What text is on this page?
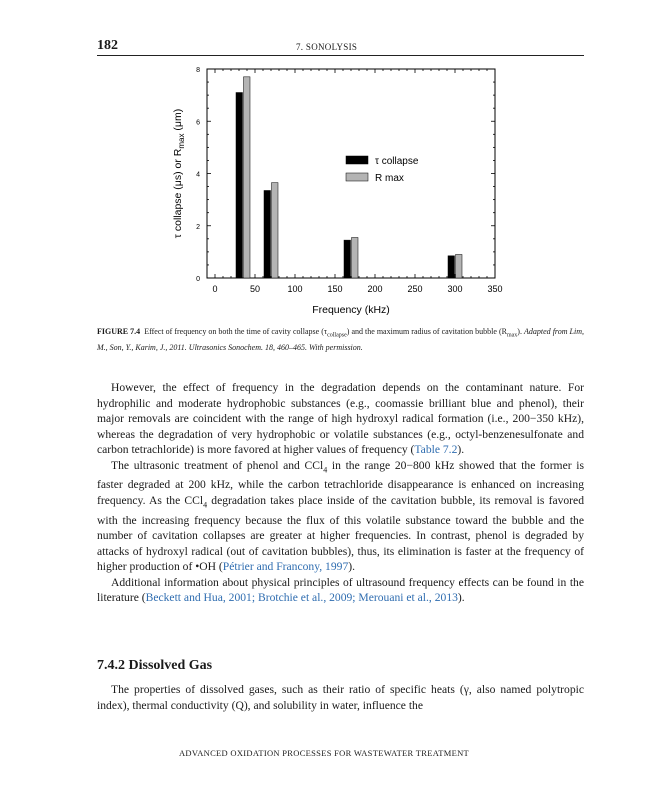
182	7. SONOLYSIS
0	50	100	150	200	250	300	350
0
2
4
6
8
τ collapse
R max
Frequency (kHz)
τ collapse (μs) or $R_{max}$ (μm)
FIGURE 7.4 Effect of frequency on both the time of cavity collapse $(\tau_{collapse})$ and the maximum radius of cavitation bubble $(R_{max})$. Adapted from Lim, M., Son, Y., Karim, J., 2011. Ultrasonics Sonochem. 18, 460–465. With permission.

However, the effect of frequency in the degradation depends on the contaminant nature. For hydrophilic and moderate hydrophobic substances (e.g., coomassie brilliant blue and phenol), their major removals are coincident with the range of high hydroxyl radical formation (i.e., 200−350 kHz), whereas the degradation of very hydrophobic or volatile substances (e.g., octyl-benzenesulfonate and carbon tetrachloride) is more favored at higher values of frequency (Table 7.2).

The ultrasonic treatment of phenol and CCl$_4$ in the range 20−800 kHz showed that the former is faster degraded at 200 kHz, while the carbon tetrachloride disappearance is enhanced on increasing frequency. As the CCl$_4$ degradation takes place inside of the cavitation bubble, its removal is favored with the increasing frequency because the flux of this volatile substance toward the bubble and the number of cavitation collapses are greater at higher frequencies. In contrast, phenol is degraded by attacks of hydroxyl radical (out of cavitation bubbles), thus, its elimination is faster at the frequency of higher production of •OH (Pétrier and Francony, 1997).

Additional information about physical principles of ultrasound frequency effects can be found in the literature (Beckett and Hua, 2001; Brotchie et al., 2009; Merouani et al., 2013).

7.4.2 Dissolved Gas

The properties of dissolved gases, such as their ratio of specific heats (γ, also named polytropic index), thermal conductivity (Q), and solubility in water, influence the

ADVANCED OXIDATION PROCESSES FOR WASTEWATER TREATMENT
